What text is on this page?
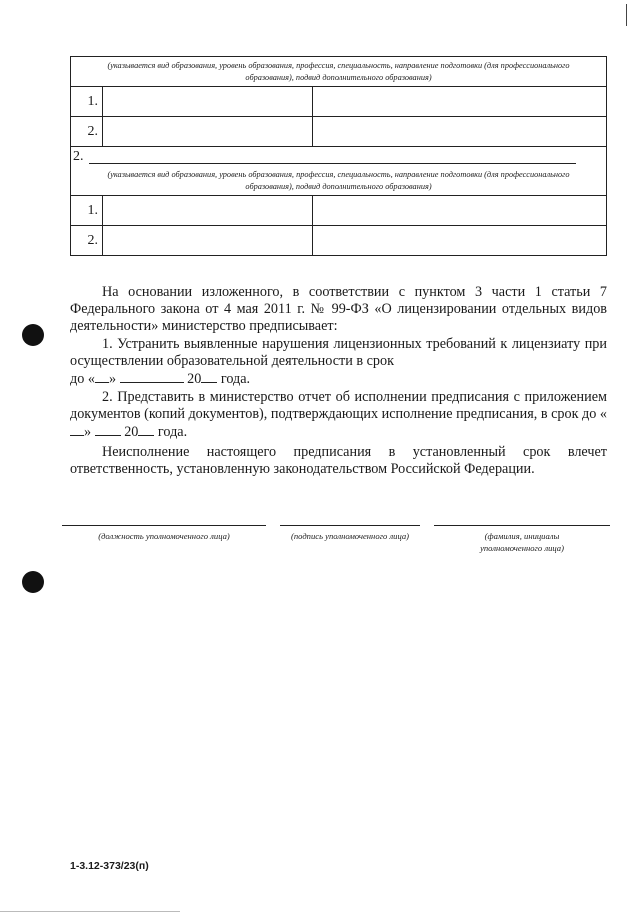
(указывается вид образования, уровень образования, профессия, специальность, направление подготовки (для профессионального образования), подвид дополнительного образования)
1.
2.
2.
(указывается вид образования, уровень образования, профессия, специальность, направление подготовки (для профессионального образования), подвид дополнительного образования)
1.
2.
На основании изложенного, в соответствии с пунктом 3 части 1 статьи 7 Федерального закона от 4 мая 2011 г. № 99-ФЗ «О лицензировании отдельных видов деятельности» министерство предписывает:
1. Устранить выявленные нарушения лицензионных требований к лицензиату при осуществлении образовательной деятельности в срок
до « »	20 года.
2. Представить в министерство отчет об исполнении предписания с приложением документов (копий документов), подтверждающих исполнение предписания, в срок до «» 20 года.
Неисполнение настоящего предписания в установленный срок влечет ответственность, установленную законодательством Российской Федерации.
(должность уполномоченного лица)	(подпись уполномоченного лица)	(фамилия, инициалы уполномоченного лица)
1-3.12-373/23(п)
